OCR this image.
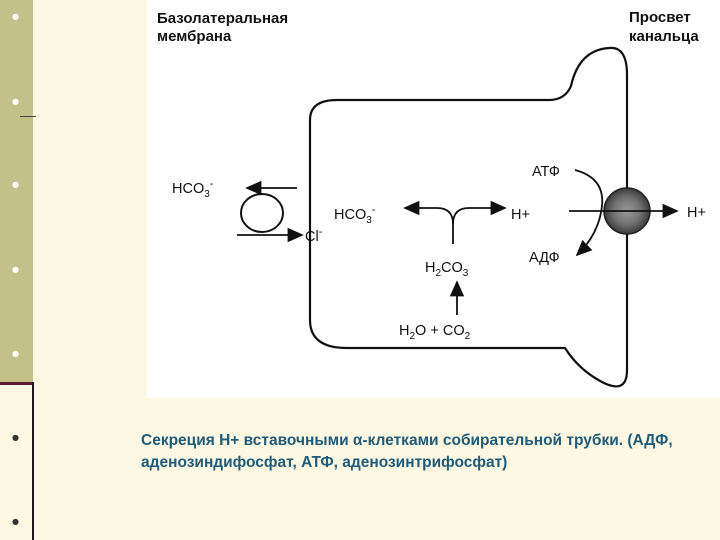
●
●
●
●
●
●
●
Базолатеральная
мембрана
Просвет
канальца
$HCO_3^-$
Cl-
$HCO_3^-$	H+
$H_2CO_3$
$H_2O + CO_2$
H+
АТФ
АДФ
Секреция Н+ вставочными α-клетками собирательной трубки. (АДФ, аденозиндифосфат, АТФ, аденозинтрифосфат)
